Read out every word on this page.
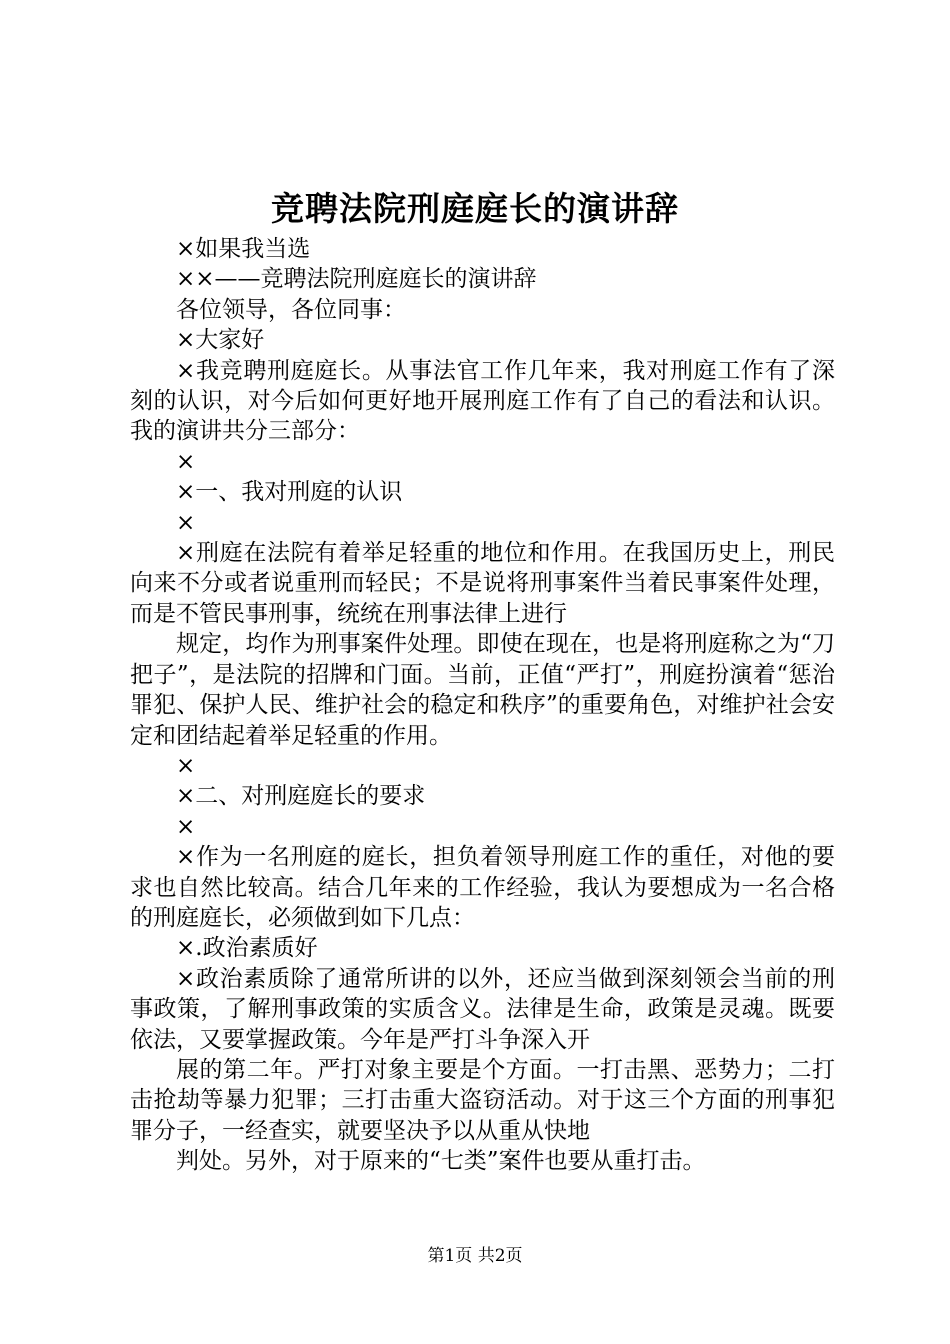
竞聘法院刑庭庭长的演讲辞

×如果我当选

××——竞聘法院刑庭庭长的演讲辞

各位领导，各位同事：

×大家好

×我竞聘刑庭庭长。从事法官工作几年来，我对刑庭工作有了深刻的认识，对今后如何更好地开展刑庭工作有了自己的看法和认识。我的演讲共分三部分：

×

×一、我对刑庭的认识

×

×刑庭在法院有着举足轻重的地位和作用。在我国历史上，刑民向来不分或者说重刑而轻民；不是说将刑事案件当着民事案件处理，而是不管民事刑事，统统在刑事法律上进行

规定，均作为刑事案件处理。即使在现在，也是将刑庭称之为“刀把子”，是法院的招牌和门面。当前，正值“严打”，刑庭扮演着“惩治罪犯、保护人民、维护社会的稳定和秩序”的重要角色，对维护社会安定和团结起着举足轻重的作用。

×

×二、对刑庭庭长的要求

×

×作为一名刑庭的庭长，担负着领导刑庭工作的重任，对他的要求也自然比较高。结合几年来的工作经验，我认为要想成为一名合格的刑庭庭长，必须做到如下几点：

×.政治素质好

×政治素质除了通常所讲的以外，还应当做到深刻领会当前的刑事政策，了解刑事政策的实质含义。法律是生命，政策是灵魂。既要依法，又要掌握政策。今年是严打斗争深入开

展的第二年。严打对象主要是个方面。一打击黑、恶势力；二打击抢劫等暴力犯罪；三打击重大盗窃活动。对于这三个方面的刑事犯罪分子，一经查实，就要坚决予以从重从快地

判处。另外，对于原来的“七类”案件也要从重打击。

第1页 共2页
